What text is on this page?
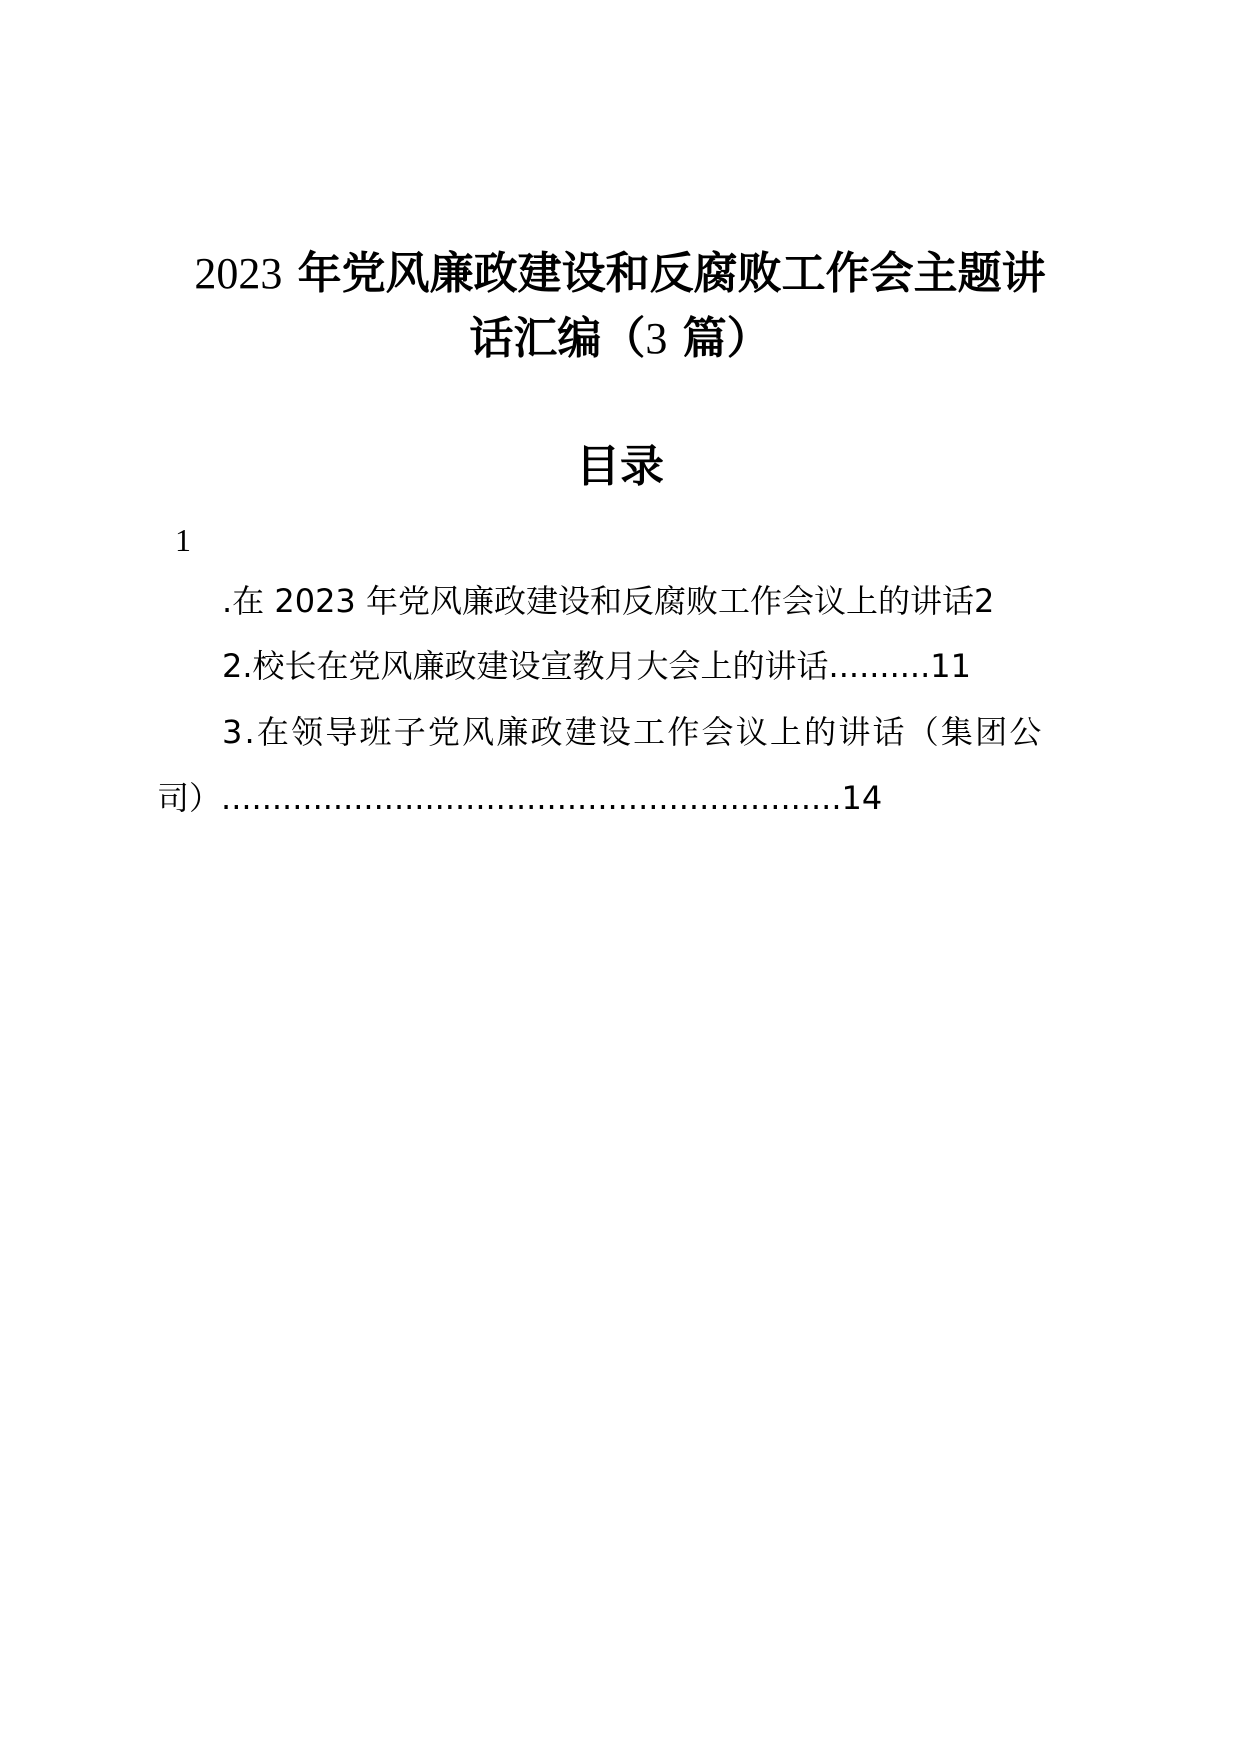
2023 年党风廉政建设和反腐败工作会主题讲
话汇编（3 篇）
目录
1
.在 2023 年党风廉政建设和反腐败工作会议上的讲话2
2.校长在党风廉政建设宣教月大会上的讲话..........11
3.在领导班子党风廉政建设工作会议上的讲话（集团公
司）.............................................................14
